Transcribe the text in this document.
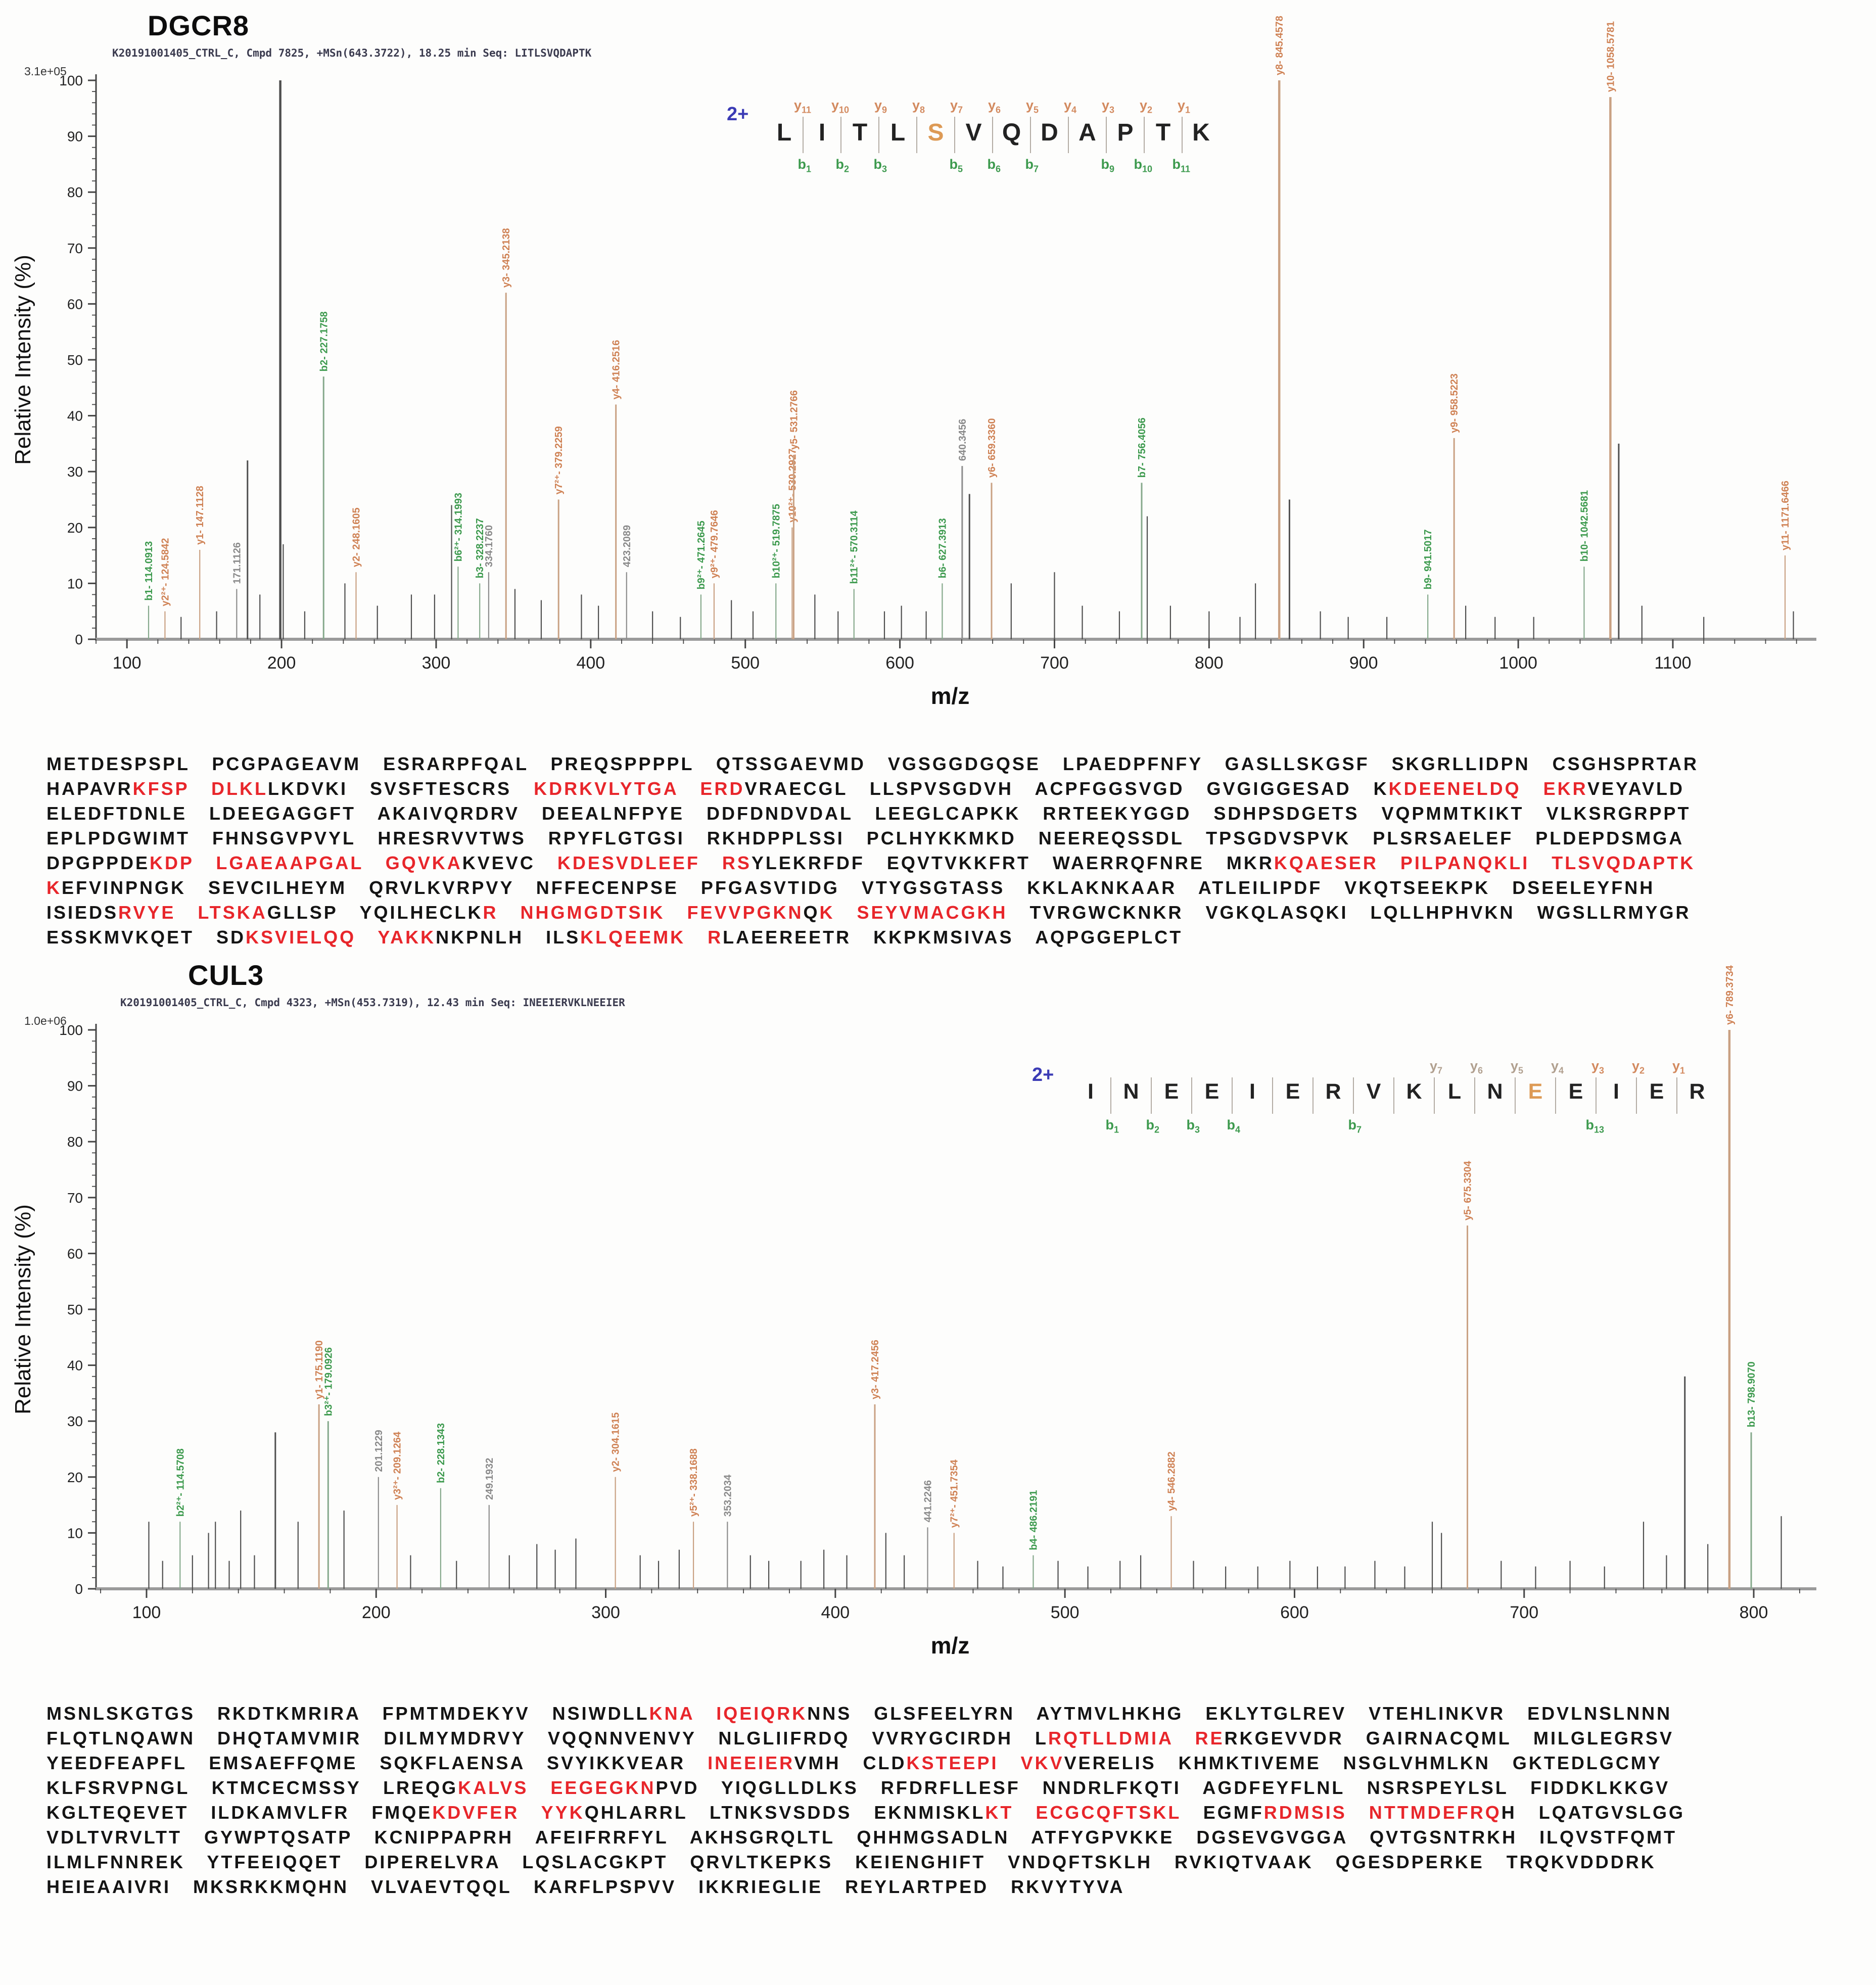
DGCR8
K20191001405_CTRL_C, Cmpd 7825, +MSn(643.3722), 18.25 min Seq: LITLSVQDAPTK
0
10
20
30
40
50
60
70
80
90
100
3.1e+05
Relative Intensity (%)
100	200	300	400	500	600	700	800	900	1000	1100
m/z
b1- 114.0913 y2²⁺- 124.5842
y1- 147.1128
171.1126
b2- 227.1758
y2- 248.1605	b6²⁺- 314.1993 b3- 328.2237
334.1760
y3- 345.2138
y7²⁺- 379.2259
y4- 416.2516
423.2089	b9²⁺- 471.2645 y9²⁺- 479.7646	b10²⁺- 519.7875
y10²⁺- 530.2927
y5- 531.2766
b11²⁺- 570.3114	b6- 627.3913
640.3456 y6- 659.3360	b7- 756.4056
y8- 845.4578
b9- 941.5017
y9- 958.5223
b10- 1042.5681
y10- 1058.5781
y11- 1171.6466
2+
L
$y_{11}$
$b_1$
I
$y_{10}$
$b_2$
T
$y_9$
$b_3$
L
$y_8$
S
$y_7$
$b_5$
V
$y_6$
$b_6$
Q
$y_5$
$b_7$
D
$y_4$
A
$y_3$
$b_9$
P
$y_2$
$b_{10}$
T
$y_1$
$b_{11}$
K
METDESPSPL PCGPAGEAVM ESRARPFQAL PREQSPPPPL QTSSGAEVMD VGSGGDGQSE LPAEDPFNFY GASLLSKGSF SKGRLLIDPN CSGHSPRTAR
HAPAVRKFSP DLKLLKDVKI SVSFTESCRS KDRKVLYTGA ERDVRAECGL LLSPVSGDVH ACPFGGSVGD GVGIGGESAD KKDEENELDQ EKRVEYAVLD
ELEDFTDNLE LDEEGAGGFT AKAIVQRDRV DEEALNFPYE DDFDNDVDAL LEEGLCAPKK RRTEEKYGGD SDHPSDGETS VQPMMTKIKT VLKSRGRPPT
EPLPDGWIMT FHNSGVPVYL HRESRVVTWS RPYFLGTGSI RKHDPPLSSI PCLHYKKMKD NEEREQSSDL TPSGDVSPVK PLSRSAELEF PLDEPDSMGA
DPGPPDEKDP LGAEAAPGAL GQVKAKVEVC KDESVDLEEF RSYLEKRFDF EQVTVKKFRT WAERRQFNRE MKRKQAESER PILPANQKLI TLSVQDAPTK
KEFVINPNGK SEVCILHEYM QRVLKVRPVY NFFECENPSE PFGASVTIDG VTYGSGTASS KKLAKNKAAR ATLEILIPDF VKQTSEEKPK DSEELEYFNH
ISIEDSRVYE LTSKAGLLSP YQILHECLKR NHGMGDTSIK FEVVPGKNQK SEYVMACGKH TVRGWCKNKR VGKQLASQKI LQLLHPHVKN WGSLLRMYGR
ESSKMVKQET SDKSVIELQQ YAKKNKPNLH ILSKLQEEMK RLAEEREETR KKPKMSIVAS AQPGGEPLCT
CUL3
K20191001405_CTRL_C, Cmpd 4323, +MSn(453.7319), 12.43 min Seq: INEEIERVKLNEEIER
0
10
20
30
40
50
60
70
80
90
100
1.0e+06
Relative Intensity (%)
100	200	300	400	500	600	700	800
m/z
b2²⁺- 114.5708
y1- 175.1190
b3²⁺- 179.0926
201.1229 y3²⁺- 209.1264	b2- 228.1343	249.1932
y2- 304.1615
y5²⁺- 338.1688 353.2034
y3- 417.2456
441.2246 y7²⁺- 451.7354	b4- 486.2191
y4- 546.2882
y5- 675.3304
y6- 789.3734
b13- 798.9070
2+
I
$b_1$
N
$b_2$
E
$b_3$
E
$b_4$
I E R
$b_7$
V K
$y_7$
L
$y_6$
N
$y_5$
E
$y_4$
E
$y_3$
$b_{13}$
I
$y_2$
E
$y_1$
R
MSNLSKGTGS RKDTKMRIRA FPMTMDEKYV NSIWDLLKNA IQEIQRKNNS GLSFEELYRN AYTMVLHKHG EKLYTGLREV VTEHLINKVR EDVLNSLNNN
FLQTLNQAWN DHQTAMVMIR DILMYMDRVY VQQNNVENVY NLGLIIFRDQ VVRYGCIRDH LRQTLLDMIA RERKGEVVDR GAIRNACQML MILGLEGRSV
YEEDFEAPFL EMSAEFFQME SQKFLAENSA SVYIKKVEAR INEEIERVMH CLDKSTEEPI VKVVERELIS KHMKTIVEME NSGLVHMLKN GKTEDLGCMY
KLFSRVPNGL KTMCECMSSY LREQGKALVS EEGEGKNPVD YIQGLLDLKS RFDRFLLESF NNDRLFKQTI AGDFEYFLNL NSRSPEYLSL FIDDKLKKGV
KGLTEQEVET ILDKAMVLFR FMQEKDVFER YYKQHLARRL LTNKSVSDDS EKNMISKLKT ECGCQFTSKL EGMFRDMSIS NTTMDEFRQH LQATGVSLGG
VDLTVRVLTT GYWPTQSATP KCNIPPAPRH AFEIFRRFYL AKHSGRQLTL QHHMGSADLN ATFYGPVKKE DGSEVGVGGA QVTGSNTRKH ILQVSTFQMT
ILMLFNNREK YTFEEIQQET DIPERELVRA LQSLACGKPT QRVLTKEPKS KEIENGHIFT VNDQFTSKLH RVKIQTVAAK QGESDPERKE TRQKVDDDRK
HEIEAAIVRI MKSRKKMQHN VLVAEVTQQL KARFLPSPVV IKKRIEGLIE REYLARTPED RKVYTYVA
